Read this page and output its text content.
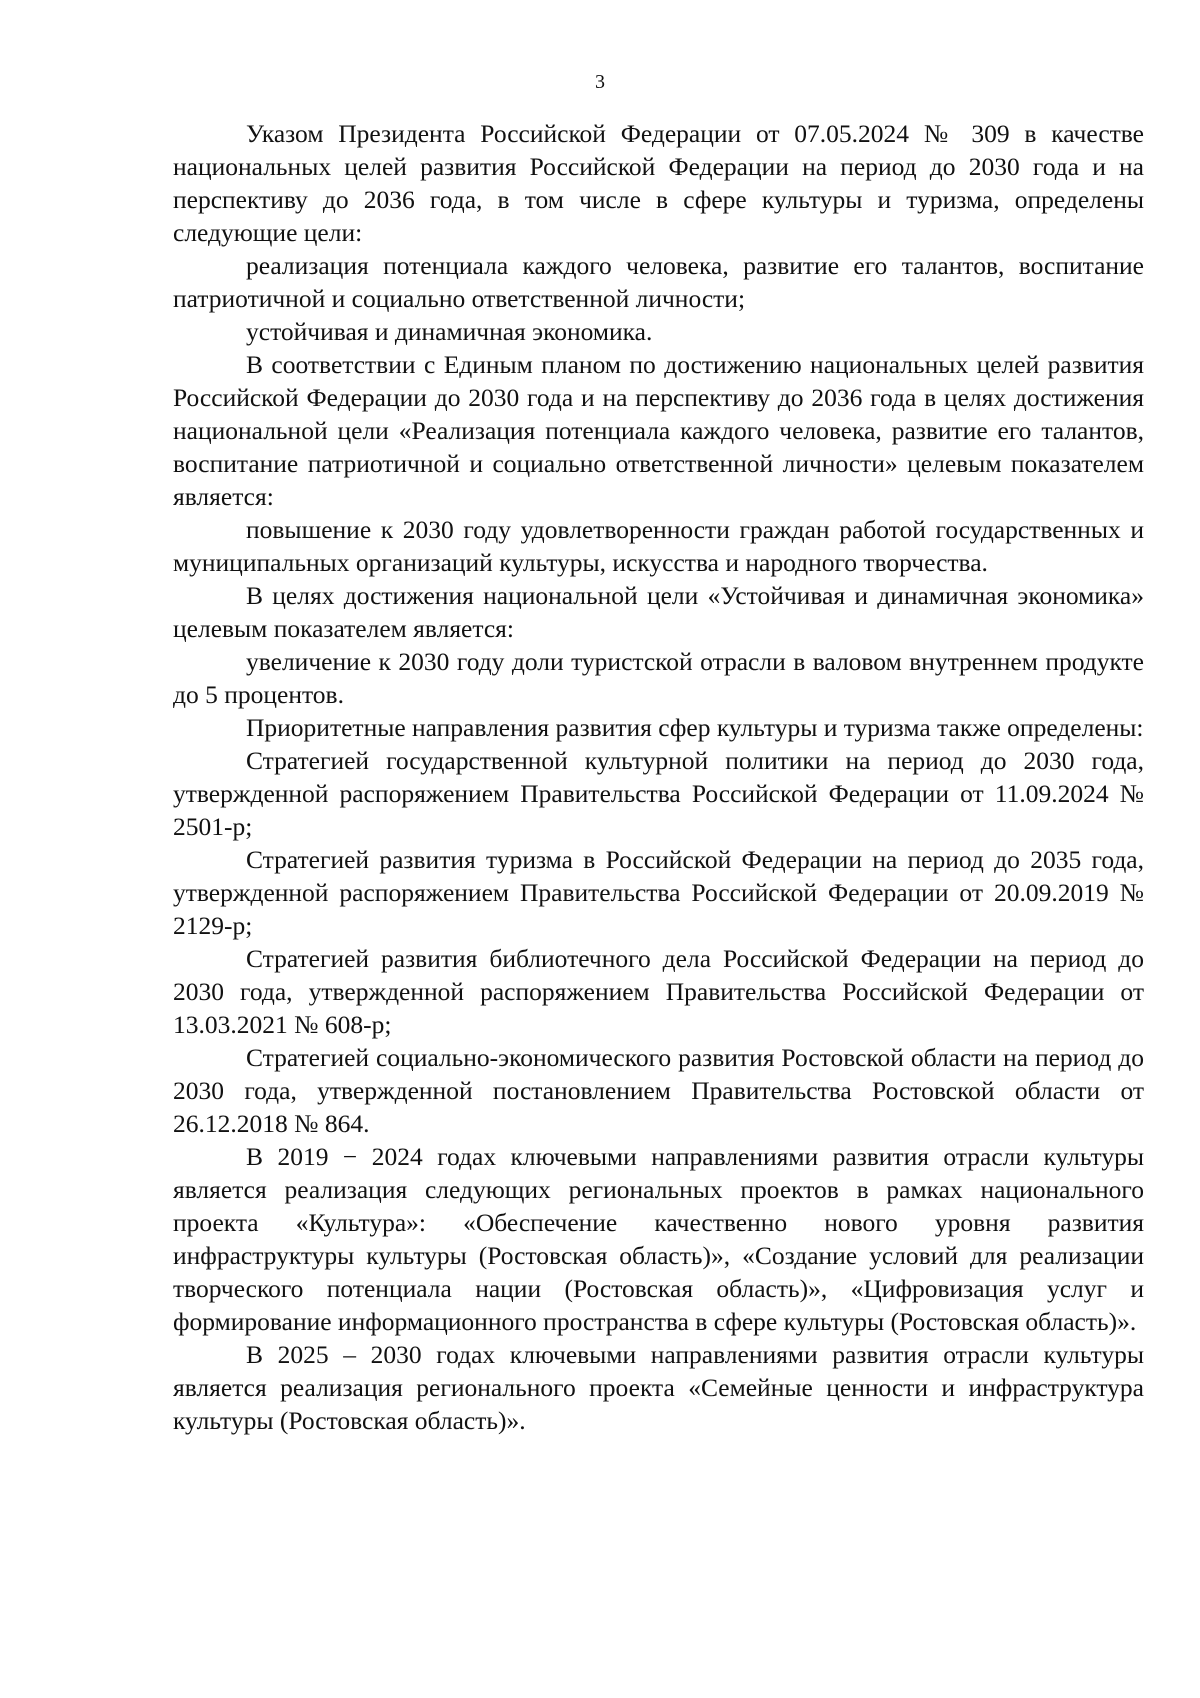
3

Указом Президента Российской Федерации от 07.05.2024 № 309 в качестве национальных целей развития Российской Федерации на период до 2030 года и на перспективу до 2036 года, в том числе в сфере культуры и туризма, определены следующие цели:

реализация потенциала каждого человека, развитие его талантов, воспитание патриотичной и социально ответственной личности;

устойчивая и динамичная экономика.

В соответствии с Единым планом по достижению национальных целей развития Российской Федерации до 2030 года и на перспективу до 2036 года в целях достижения национальной цели «Реализация потенциала каждого человека, развитие его талантов, воспитание патриотичной и социально ответственной личности» целевым показателем является:

повышение к 2030 году удовлетворенности граждан работой государственных и муниципальных организаций культуры, искусства и народного творчества.

В целях достижения национальной цели «Устойчивая и динамичная экономика» целевым показателем является:

увеличение к 2030 году доли туристской отрасли в валовом внутреннем продукте до 5 процентов.

Приоритетные направления развития сфер культуры и туризма также определены:

Стратегией государственной культурной политики на период до 2030 года, утвержденной распоряжением Правительства Российской Федерации от 11.09.2024 № 2501-р;

Стратегией развития туризма в Российской Федерации на период до 2035 года, утвержденной распоряжением Правительства Российской Федерации от 20.09.2019 № 2129-р;

Стратегией развития библиотечного дела Российской Федерации на период до 2030 года, утвержденной распоряжением Правительства Российской Федерации от 13.03.2021 № 608-р;

Стратегией социально-экономического развития Ростовской области на период до 2030 года, утвержденной постановлением Правительства Ростовской области от 26.12.2018 № 864.

В 2019 − 2024 годах ключевыми направлениями развития отрасли культуры является реализация следующих региональных проектов в рамках национального проекта «Культура»: «Обеспечение качественно нового уровня развития инфраструктуры культуры (Ростовская область)», «Создание условий для реализации творческого потенциала нации (Ростовская область)», «Цифровизация услуг и формирование информационного пространства в сфере культуры (Ростовская область)».

В 2025 – 2030 годах ключевыми направлениями развития отрасли культуры является реализация регионального проекта «Семейные ценности и инфраструктура культуры (Ростовская область)».
